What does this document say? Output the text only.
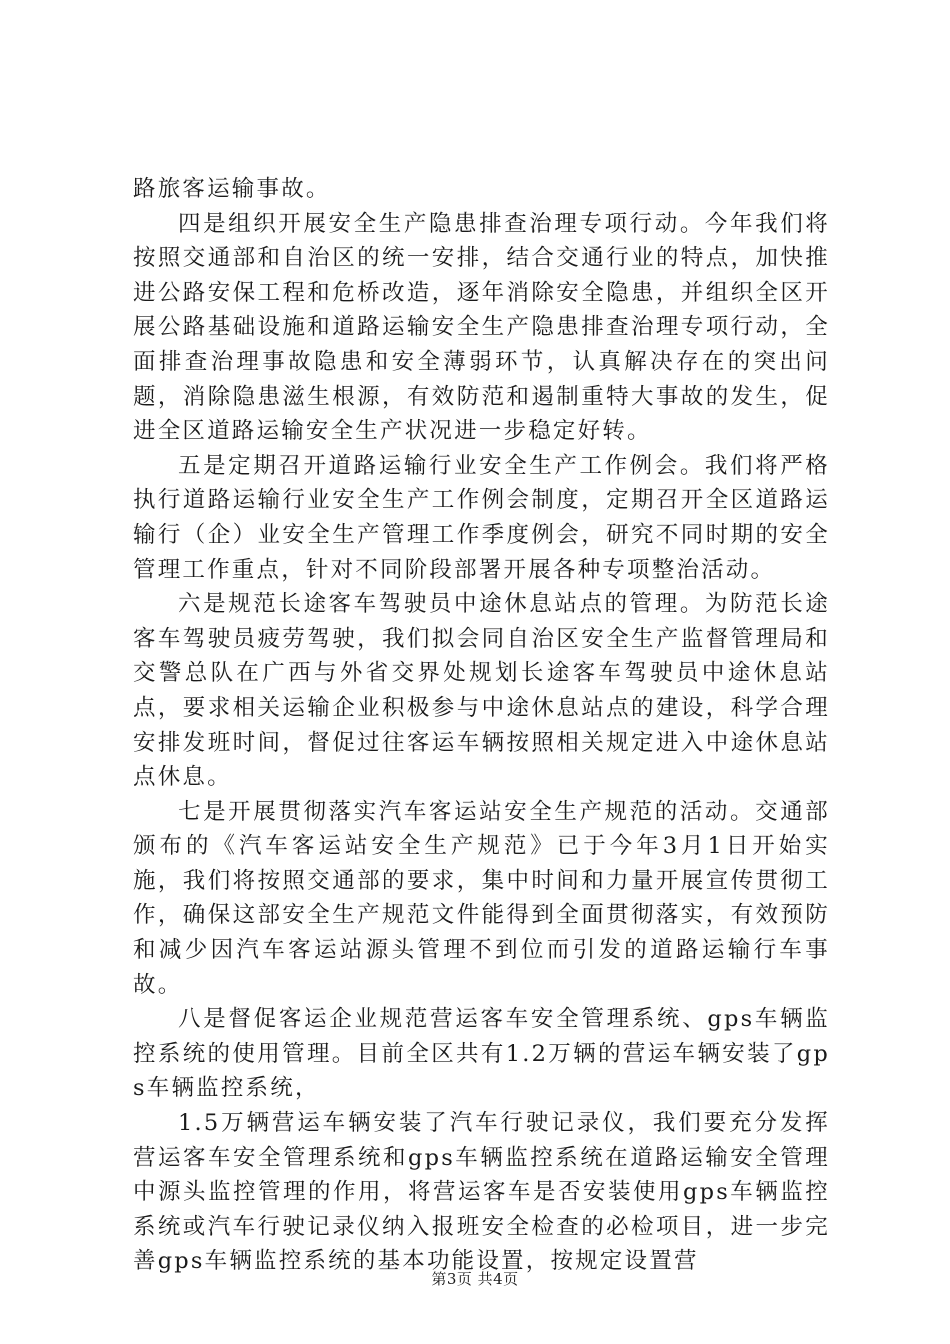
路旅客运输事故。

四是组织开展安全生产隐患排查治理专项行动。今年我们将按照交通部和自治区的统一安排，结合交通行业的特点，加快推进公路安保工程和危桥改造，逐年消除安全隐患，并组织全区开展公路基础设施和道路运输安全生产隐患排查治理专项行动，全面排查治理事故隐患和安全薄弱环节，认真解决存在的突出问题，消除隐患滋生根源，有效防范和遏制重特大事故的发生，促进全区道路运输安全生产状况进一步稳定好转。

五是定期召开道路运输行业安全生产工作例会。我们将严格执行道路运输行业安全生产工作例会制度，定期召开全区道路运输行（企）业安全生产管理工作季度例会，研究不同时期的安全管理工作重点，针对不同阶段部署开展各种专项整治活动。

六是规范长途客车驾驶员中途休息站点的管理。为防范长途客车驾驶员疲劳驾驶，我们拟会同自治区安全生产监督管理局和交警总队在广西与外省交界处规划长途客车驾驶员中途休息站点，要求相关运输企业积极参与中途休息站点的建设，科学合理安排发班时间，督促过往客运车辆按照相关规定进入中途休息站点休息。

七是开展贯彻落实汽车客运站安全生产规范的活动。交通部颁布的《汽车客运站安全生产规范》已于今年3月1日开始实施，我们将按照交通部的要求，集中时间和力量开展宣传贯彻工作，确保这部安全生产规范文件能得到全面贯彻落实，有效预防和减少因汽车客运站源头管理不到位而引发的道路运输行车事故。

八是督促客运企业规范营运客车安全管理系统、gps车辆监控系统的使用管理。目前全区共有1.2万辆的营运车辆安装了gps车辆监控系统，

1.5万辆营运车辆安装了汽车行驶记录仪，我们要充分发挥营运客车安全管理系统和gps车辆监控系统在道路运输安全管理中源头监控管理的作用，将营运客车是否安装使用gps车辆监控系统或汽车行驶记录仪纳入报班安全检查的必检项目，进一步完善gps车辆监控系统的基本功能设置，按规定设置营

第3页 共4页
